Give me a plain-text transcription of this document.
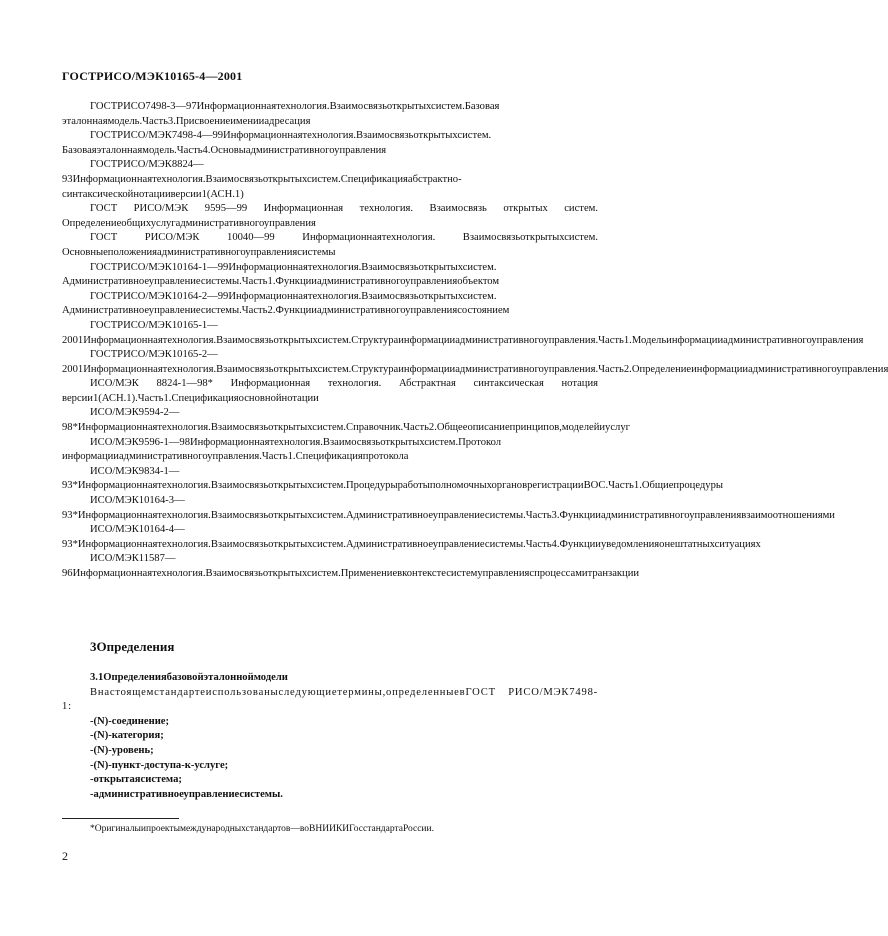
ГОСТРИСО/МЭК10165-4—2001

ГОСТРИСО7498-3—97Информационнаятехнология.Взаимосвязьоткрытыхсистем.Базовая эталоннаямодель.Часть3.Присвоениеименииадресация

ГОСТРИСО/МЭК7498-4—99Информационнаятехнология.Взаимосвязьоткрытыхсистем. Базоваяэталоннаямодель.Часть4.Основыадминистративногоуправления

ГОСТРИСО/МЭК8824—93Информационнаятехнология.Взаимосвязьоткрытыхсистем.Спецификацияабстрактно-синтаксическойнотацииверсии1(АСН.1)

ГОСТ РИСО/МЭК 9595—99 Информационная технология. Взаимосвязь открытых систем. Определениеобщихуслугадминистративногоуправления

ГОСТ РИСО/МЭК 10040—99 Информационнаятехнология. Взаимосвязьоткрытыхсистем. Основныеположенияадминистративногоуправлениясистемы

ГОСТРИСО/МЭК10164-1—99Информационнаятехнология.Взаимосвязьоткрытыхсистем. Административноеуправлениесистемы.Часть1.Функцииадминистративногоуправленияобъектом

ГОСТРИСО/МЭК10164-2—99Информационнаятехнология.Взаимосвязьоткрытыхсистем. Административноеуправлениесистемы.Часть2.Функцииадминистративногоуправлениясостоянием

ГОСТРИСО/МЭК10165-1—2001Информационнаятехнология.Взаимосвязьоткрытыхсистем.Структураинформацииадминистративногоуправления.Часть1.Модельинформацииадминистративногоуправления

ГОСТРИСО/МЭК10165-2—2001Информационнаятехнология.Взаимосвязьоткрытыхсистем.Структураинформацииадминистративногоуправления.Часть2.Определениеинформацииадминистративногоуправления

ИСО/МЭК 8824-1—98* Информационная технология. Абстрактная синтаксическая нотация версии1(АСН.1).Часть1.Спецификацияосновнойнотации

ИСО/МЭК9594-2—98*Информационнаятехнология.Взаимосвязьоткрытыхсистем.Справочник.Часть2.Общееописаниепринципов,моделейиуслуг

ИСО/МЭК9596-1—98Информационнаятехнология.Взаимосвязьоткрытыхсистем.Протокол информацииадминистративногоуправления.Часть1.Спецификацияпротокола

ИСО/МЭК9834-1—93*Информационнаятехнология.Взаимосвязьоткрытыхсистем.ПроцедурыработыполномочныхоргановрегистрацииВОС.Часть1.Общиепроцедуры

ИСО/МЭК10164-3—93*Информационнаятехнология.Взаимосвязьоткрытыхсистем.Административноеуправлениесистемы.Часть3.Функцииадминистративногоуправлениявзаимоотношениями

ИСО/МЭК10164-4—93*Информационнаятехнология.Взаимосвязьоткрытыхсистем.Административноеуправлениесистемы.Часть4.Функцииуведомленияонештатныхситуациях

ИСО/МЭК11587—96Информационнаятехнология.Взаимосвязьоткрытыхсистем.Применениевконтекстесистемуправленияспроцессамитранзакции

3Определения

3.1Определениябазовойэталонноймодели

Внастоящемстандартеиспользованыследующиетермины,определенныевГОСТ РИСО/МЭК7498-1:

-(N)-соединение;
-(N)-категория;
-(N)-уровень;
-(N)-пункт-доступа-к-услуге;
-открытаясистема;
-административноеуправлениесистемы.
*Оригиналыипроектымеждународныхстандартов—воВНИИКИГосстандартаРоссии.
2
